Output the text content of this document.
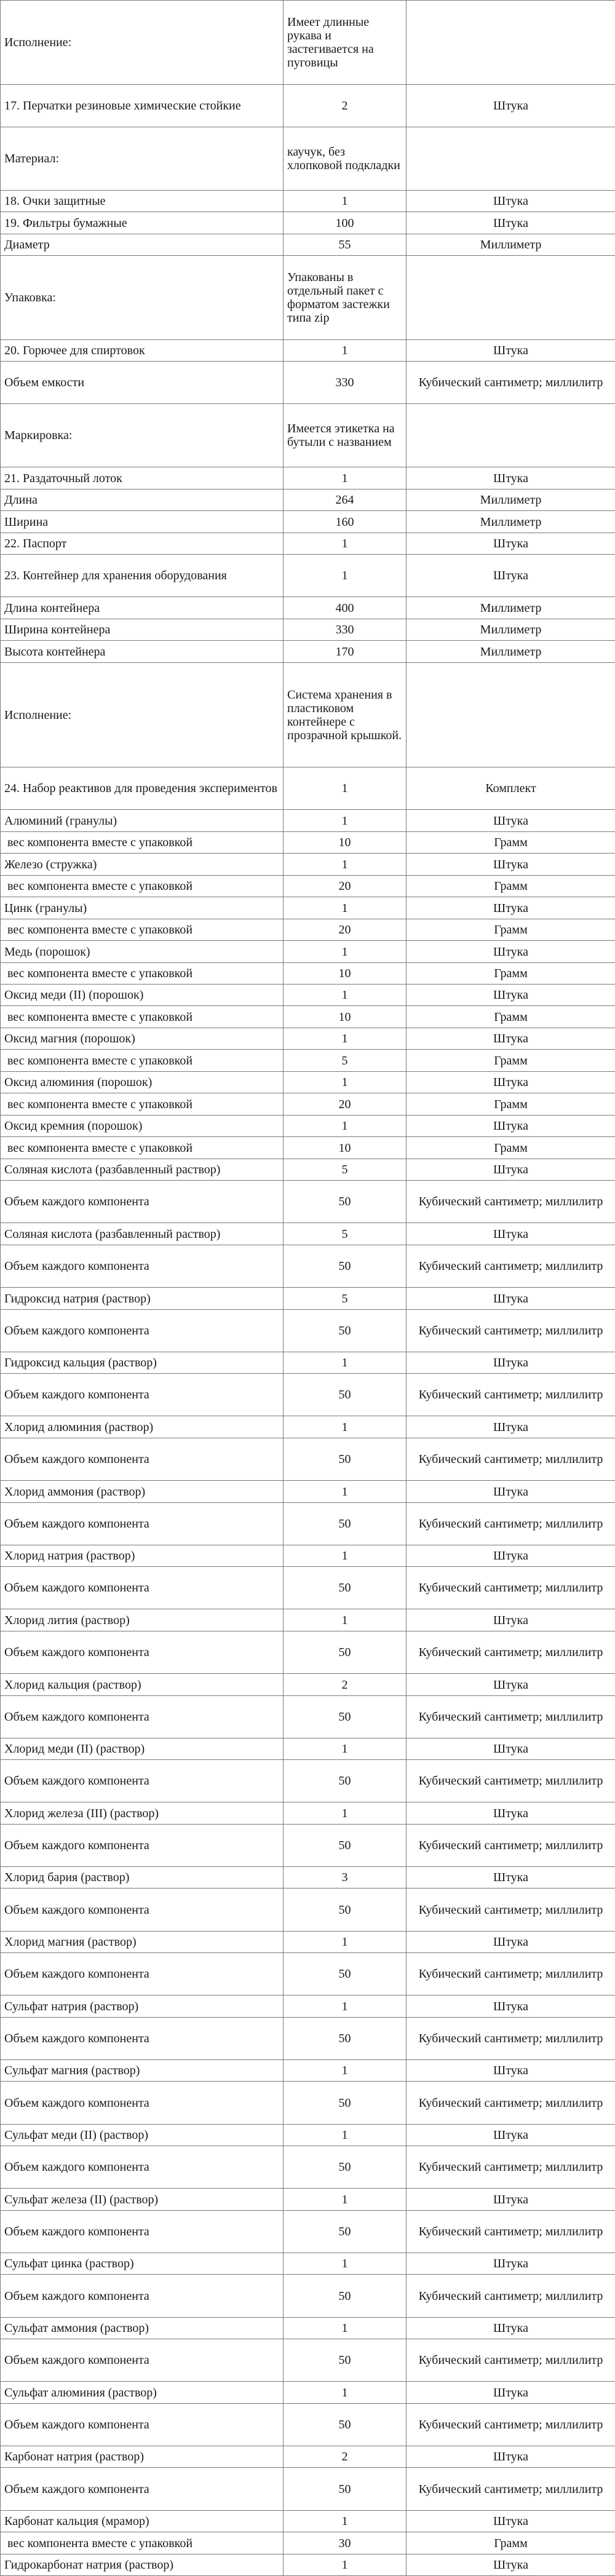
Исполнение:	Имеет длинные рукава и застегивается на пуговицы	
17. Перчатки резиновые химические стойкие	2	Штука
Материал:	каучук, без хлопковой подкладки	
18. Очки защитные	1	Штука
19. Фильтры бумажные	100	Штука
Диаметр	55	Миллиметр
Упаковка:	Упакованы в отдельный пакет с форматом застежки типа zip	
20. Горючее для спиртовок	1	Штука
Объем емкости	330	Кубический сантиметр; миллилитр
Маркировка:	Имеется этикетка на бутыли с названием	
21. Раздаточный лоток	1	Штука
Длина	264	Миллиметр
Ширина	160	Миллиметр
22. Паспорт	1	Штука
23. Контейнер для хранения оборудования	1	Штука
Длина контейнера	400	Миллиметр
Ширина контейнера	330	Миллиметр
Высота контейнера	170	Миллиметр
Исполнение:	Система хранения в пластиковом контейнере с прозрачной крышкой.	
24. Набор реактивов для проведения экспериментов	1	Комплект
Алюминий (гранулы)	1	Штука
вес компонента вместе с упаковкой	10	Грамм
Железо (стружка)	1	Штука
вес компонента вместе с упаковкой	20	Грамм
Цинк (гранулы)	1	Штука
вес компонента вместе с упаковкой	20	Грамм
Медь (порошок)	1	Штука
вес компонента вместе с упаковкой	10	Грамм
Оксид меди (II) (порошок)	1	Штука
вес компонента вместе с упаковкой	10	Грамм
Оксид магния (порошок)	1	Штука
вес компонента вместе с упаковкой	5	Грамм
Оксид алюминия (порошок)	1	Штука
вес компонента вместе с упаковкой	20	Грамм
Оксид кремния (порошок)	1	Штука
вес компонента вместе с упаковкой	10	Грамм
Соляная кислота (разбавленный раствор)	5	Штука
Объем каждого компонента	50	Кубический сантиметр; миллилитр
Соляная кислота (разбавленный раствор)	5	Штука
Объем каждого компонента	50	Кубический сантиметр; миллилитр
Гидроксид натрия (раствор)	5	Штука
Объем каждого компонента	50	Кубический сантиметр; миллилитр
Гидроксид кальция (раствор)	1	Штука
Объем каждого компонента	50	Кубический сантиметр; миллилитр
Хлорид алюминия (раствор)	1	Штука
Объем каждого компонента	50	Кубический сантиметр; миллилитр
Хлорид аммония (раствор)	1	Штука
Объем каждого компонента	50	Кубический сантиметр; миллилитр
Хлорид натрия (раствор)	1	Штука
Объем каждого компонента	50	Кубический сантиметр; миллилитр
Хлорид лития (раствор)	1	Штука
Объем каждого компонента	50	Кубический сантиметр; миллилитр
Хлорид кальция (раствор)	2	Штука
Объем каждого компонента	50	Кубический сантиметр; миллилитр
Хлорид меди (II) (раствор)	1	Штука
Объем каждого компонента	50	Кубический сантиметр; миллилитр
Хлорид железа (III) (раствор)	1	Штука
Объем каждого компонента	50	Кубический сантиметр; миллилитр
Хлорид бария (раствор)	3	Штука
Объем каждого компонента	50	Кубический сантиметр; миллилитр
Хлорид магния (раствор)	1	Штука
Объем каждого компонента	50	Кубический сантиметр; миллилитр
Сульфат натрия (раствор)	1	Штука
Объем каждого компонента	50	Кубический сантиметр; миллилитр
Сульфат магния (раствор)	1	Штука
Объем каждого компонента	50	Кубический сантиметр; миллилитр
Сульфат меди (II) (раствор)	1	Штука
Объем каждого компонента	50	Кубический сантиметр; миллилитр
Сульфат железа (II) (раствор)	1	Штука
Объем каждого компонента	50	Кубический сантиметр; миллилитр
Сульфат цинка (раствор)	1	Штука
Объем каждого компонента	50	Кубический сантиметр; миллилитр
Сульфат аммония (раствор)	1	Штука
Объем каждого компонента	50	Кубический сантиметр; миллилитр
Сульфат алюминия (раствор)	1	Штука
Объем каждого компонента	50	Кубический сантиметр; миллилитр
Карбонат натрия (раствор)	2	Штука
Объем каждого компонента	50	Кубический сантиметр; миллилитр
Карбонат кальция (мрамор)	1	Штука
вес компонента вместе с упаковкой	30	Грамм
Гидрокарбонат натрия (раствор)	1	Штука
